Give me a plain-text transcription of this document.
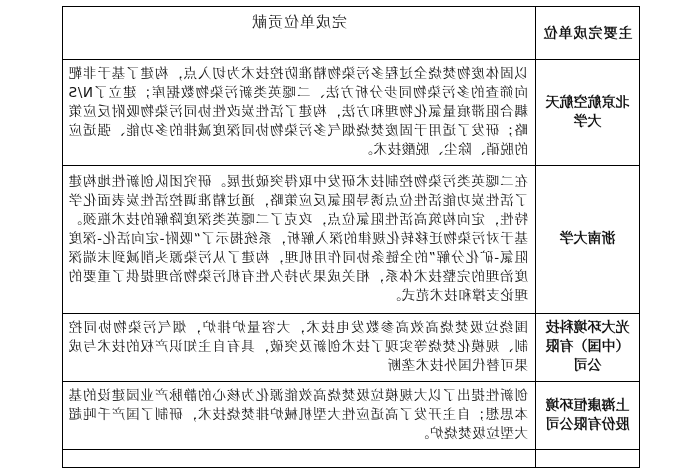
主要完成单位	完成单位贡献
北京航空航天大学	以固体废物焚烧全过程多污染物精准防控技术为切入点，构建了基于非靶向筛查的多污染物同步分析方法、二噁英类新污染物数据库；建立了N/S耦合阻滞痕量氯化物理和方法，构建了活性炭改性协同污染物吸附反应策略；研发了适用于固废焚烧烟气多污染物协同深度减排的多功能、强适应的脱硝、除尘、脱酸技术。
浙南大学	在二噁英类污染物控制技术研发中取得突破进展。研究团队创新性地构建了活性炭功能活性位点诱导阻氯反应策略，通过精准调控活性炭表面化学特性，定向构筑高活性阻氯位点，攻克了二噁英类深度降解的技术瓶颈。基于对污染物迁移转化规律的深入解析，系统揭示了“吸附-定向活化-深度阻氯-矿化分解”的全链条协同作用机理，构建了从污染源头削减到末端深度治理的完整技术体系，相关成果为持久性有机污染物治理提供了重要的理论支撑和技术范式。
光大环境科技（中国）有限公司	围绕垃圾焚烧高效高参数发电技术，大容量炉排炉，烟气污染物协同控制、规模化焚烧等实现了技术创新及突破，具有自主知识产权的技术与成果可替代国外技术垄断
上海康恒环境股份有限公司	创新性提出了以大规模垃圾焚烧高效能源化为核心的静脉产业园建设的基本思想；自主开发了高适应性大型机械炉排焚烧技术，研制了国产千吨超大型垃圾焚烧炉。
